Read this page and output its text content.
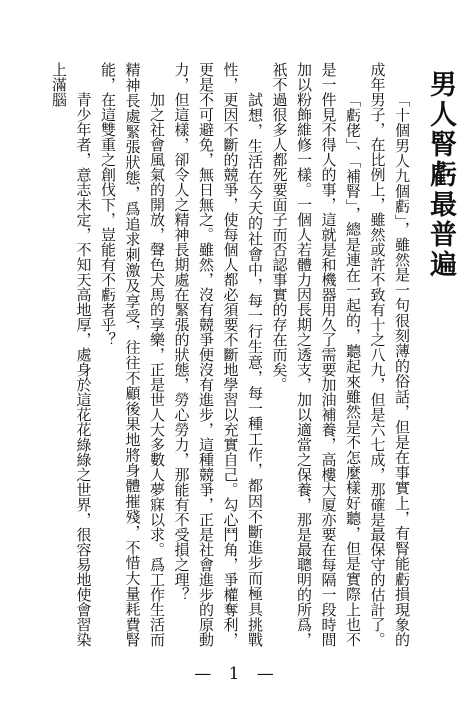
男人腎虧最普遍

「十個男人九個虧」，雖然是一句很刻薄的俗話，但是在事實上，有腎能虧損現象的成年男子，在比例上，雖然或許不致有十之八九，但是六七成，那確是最保守的估計了。

「虧佬」、「補腎」，總是連在一起的，聽起來雖然是不怎麼樣好聽，但是實際上也不是一件見不得人的事，這就是和機器用久了需要加油補養，高樓大厦亦要在每隔一段時間加以粉飾維修一樣。一個人若體力因長期之透支，加以適當之保養，那是最聰明的所爲，祇不過很多人都死要面子而否認事實的存在而矣。

試想，生活在今天的社會中，每一行生意，每一種工作，都因不斷進步而極具挑戰性，更因不斷的競爭，使每個人都必須要不斷地學習以充實自己。勾心鬥角，爭權奪利，更是不可避免，無日無之。雖然，沒有競爭便沒有進步，這種競爭，正是社會進步的原動力，但這樣，卻令人之精神長期處在緊張的狀態，勞心勞力，那能有不受損之理？

加之社會風氣的開放，聲色犬馬的享樂，正是世人大多數人夢寐以求。爲工作生活而精神長處緊張狀態，爲追求刺激及享受，往往不顧後果地將身體摧殘，不惜大量耗費腎能，在這雙重之創伐下，豈能有不虧者乎？

青少年者，意志未定，不知天高地厚，處身於這花花綠綠之世界，很容易地使會習染上滿腦

— 1 —
